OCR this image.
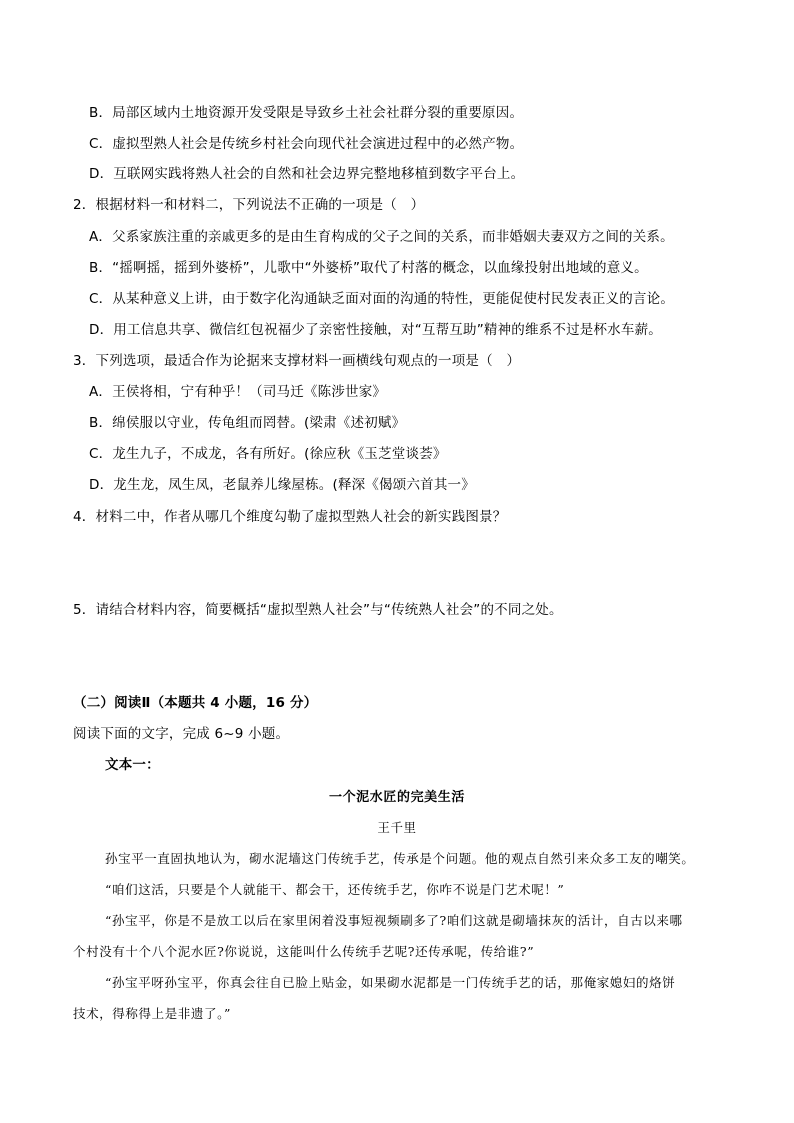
B．局部区域内土地资源开发受限是导致乡土社会社群分裂的重要原因。
C．虚拟型熟人社会是传统乡村社会向现代社会演进过程中的必然产物。
D．互联网实践将熟人社会的自然和社会边界完整地移植到数字平台上。
2．根据材料一和材料二，下列说法不正确的一项是（　）
A．父系家族注重的亲戚更多的是由生育构成的父子之间的关系，而非婚姻夫妻双方之间的关系。
B．“摇啊摇，摇到外婆桥”，儿歌中“外婆桥”取代了村落的概念，以血缘投射出地域的意义。
C．从某种意义上讲，由于数字化沟通缺乏面对面的沟通的特性，更能促使村民发表正义的言论。
D．用工信息共享、微信红包祝福少了亲密性接触，对“互帮互助”精神的维系不过是杯水车薪。
3．下列选项，最适合作为论据来支撑材料一画横线句观点的一项是（　）
A．王侯将相，宁有种乎！（司马迁《陈涉世家》
B．绵侯服以守业，传龟组而罔替。(梁肃《述初赋》
C．龙生九子，不成龙，各有所好。(徐应秋《玉芝堂谈荟》
D．龙生龙，凤生凤，老鼠养儿缘屋栋。(释深《偈颂六首其一》
4．材料二中，作者从哪几个维度勾勒了虚拟型熟人社会的新实践图景？
5．请结合材料内容，简要概括“虚拟型熟人社会”与“传统熟人社会”的不同之处。
（二）阅读Ⅱ（本题共 4 小题，16 分）
阅读下面的文字，完成 6~9 小题。
文本一：
一个泥水匠的完美生活
王千里
孙宝平一直固执地认为，砌水泥墙这门传统手艺，传承是个问题。他的观点自然引来众多工友的嘲笑。
“咱们这活，只要是个人就能干、都会干，还传统手艺，你咋不说是门艺术呢！”
“孙宝平，你是不是放工以后在家里闲着没事短视频刷多了?咱们这就是砌墙抹灰的活计，自古以来哪
个村没有十个八个泥水匠?你说说，这能叫什么传统手艺呢?还传承呢，传给谁?”
“孙宝平呀孙宝平，你真会往自已脸上贴金，如果砌水泥都是一门传统手艺的话，那俺家媳妇的烙饼
技术，得称得上是非遗了。”
